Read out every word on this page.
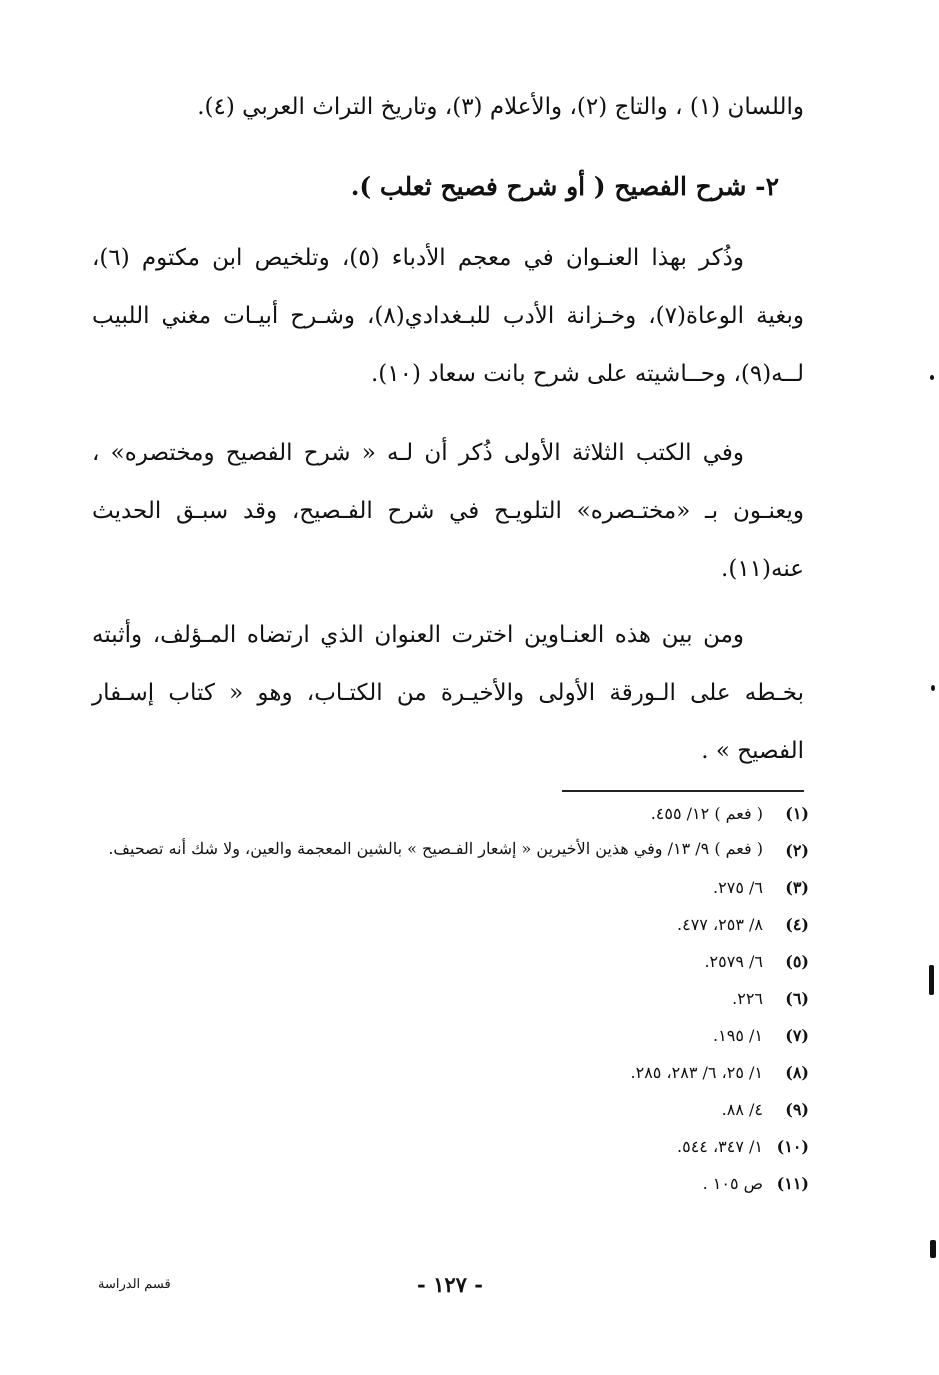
واللسان (١) ، والتاج (٢)، والأعلام (٣)، وتاريخ التراث العربي (٤).

٢- شرح الفصيح ( أو شرح فصيح ثعلب ).

وذُكر بهذا العنـوان في معجم الأدباء (٥)، وتلخيص ابن مكتوم (٦)، وبغية الوعاة(٧)، وخـزانة الأدب للبـغدادي(٨)، وشـرح أبيـات مغني اللبيب لــه(٩)، وحــاشيته على شرح بانت سعاد (١٠).

وفي الكتب الثلاثة الأولى ذُكر أن لـه « شرح الفصيح ومختصره» ، ويعنـون بـ «مختـصره» التلويـح في شرح الفـصيح، وقد سبـق الحديث عنه(١١).

ومن بين هذه العنـاوين اخترت العنوان الذي ارتضاه المـؤلف، وأثبته بخـطه على الـورقة الأولى والأخيـرة من الكتـاب، وهو « كتاب إسـفار الفصيح » .

(١)
( فعم ) ١٢/ ٤٥٥.
(٢)
( فعم ) ٩/ ١٣/ وفي هذين الأخيرين « إشعار الفـصيح » بالشين المعجمة والعين، ولا شك أنه تصحيف.
(٣)
٦/ ٢٧٥.
(٤)
٨/ ٢٥٣، ٤٧٧.
(٥)
٦/ ٢٥٧٩.
(٦)
٢٢٦.
(٧)
١/ ١٩٥.
(٨)
١/ ٢٥، ٦/ ٢٨٣، ٢٨٥.
(٩)
٤/ ٨٨.
(١٠)
١/ ٣٤٧، ٥٤٤.
(١١)
ص ١٠٥ .
- ١٢٧ -
قسم الدراسة
